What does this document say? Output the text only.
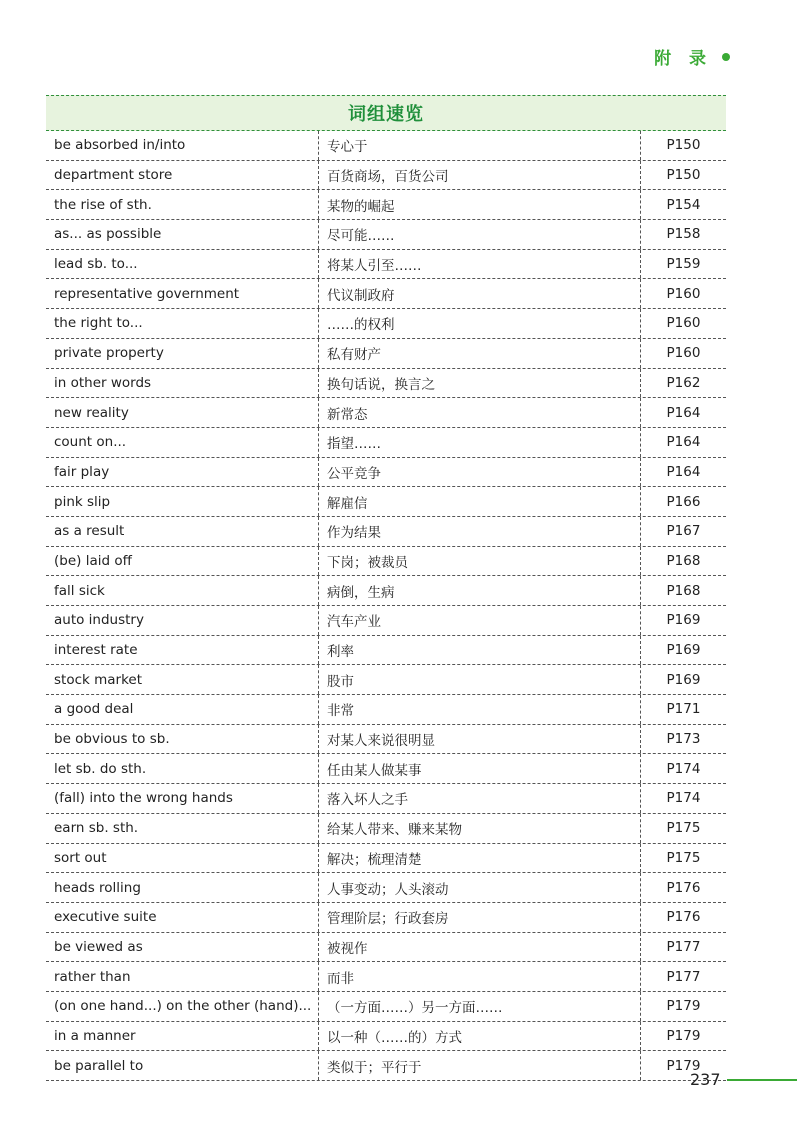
附 录
词组速览
be absorbed in/into	专心于	P150
department store	百货商场，百货公司	P150
the rise of sth.	某物的崛起	P154
as... as possible	尽可能……	P158
lead sb. to...	将某人引至……	P159
representative government	代议制政府	P160
the right to...	……的权利	P160
private property	私有财产	P160
in other words	换句话说，换言之	P162
new reality	新常态	P164
count on...	指望……	P164
fair play	公平竞争	P164
pink slip	解雇信	P166
as a result	作为结果	P167
(be) laid off	下岗；被裁员	P168
fall sick	病倒，生病	P168
auto industry	汽车产业	P169
interest rate	利率	P169
stock market	股市	P169
a good deal	非常	P171
be obvious to sb.	对某人来说很明显	P173
let sb. do sth.	任由某人做某事	P174
(fall) into the wrong hands	落入坏人之手	P174
earn sb. sth.	给某人带来、赚来某物	P175
sort out	解决；梳理清楚	P175
heads rolling	人事变动；人头滚动	P176
executive suite	管理阶层；行政套房	P176
be viewed as	被视作	P177
rather than	而非	P177
(on one hand...) on the other (hand)...	（一方面……）另一方面……	P179
in a manner	以一种（……的）方式	P179
be parallel to	类似于；平行于	P179
237
